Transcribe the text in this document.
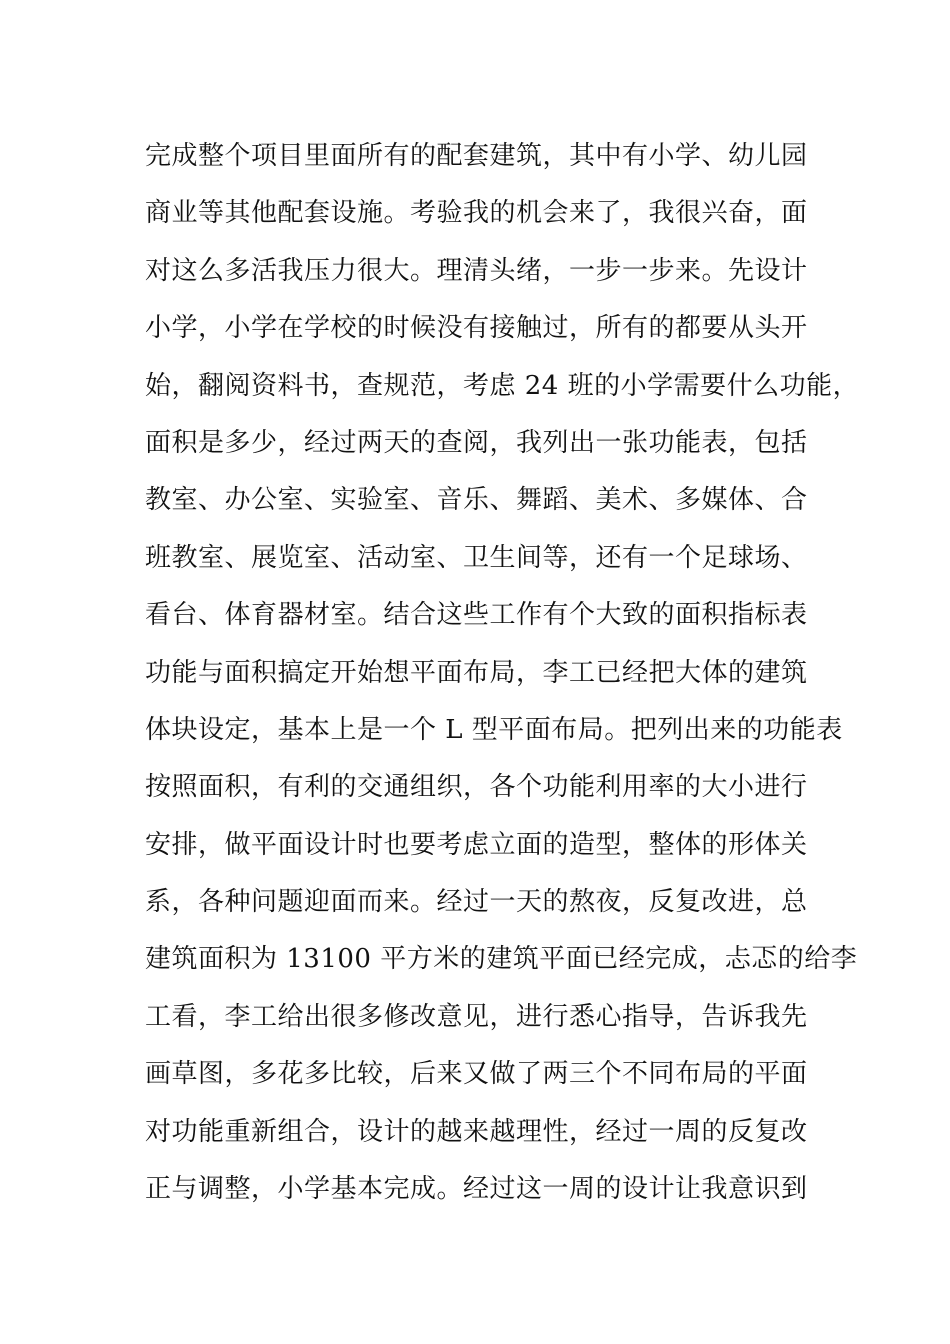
完成整个项目里面所有的配套建筑，其中有小学、幼儿园
商业等其他配套设施。考验我的机会来了，我很兴奋，面
对这么多活我压力很大。理清头绪，一步一步来。先设计
小学，小学在学校的时候没有接触过，所有的都要从头开
始，翻阅资料书，查规范，考虑 24 班的小学需要什么功能，
面积是多少，经过两天的查阅，我列出一张功能表，包括
教室、办公室、实验室、音乐、舞蹈、美术、多媒体、合
班教室、展览室、活动室、卫生间等，还有一个足球场、
看台、体育器材室。结合这些工作有个大致的面积指标表
功能与面积搞定开始想平面布局，李工已经把大体的建筑
体块设定，基本上是一个 L 型平面布局。把列出来的功能表
按照面积，有利的交通组织，各个功能利用率的大小进行
安排，做平面设计时也要考虑立面的造型，整体的形体关
系，各种问题迎面而来。经过一天的熬夜，反复改进，总
建筑面积为 13100 平方米的建筑平面已经完成，忐忑的给李
工看，李工给出很多修改意见，进行悉心指导，告诉我先
画草图，多花多比较，后来又做了两三个不同布局的平面
对功能重新组合，设计的越来越理性，经过一周的反复改
正与调整，小学基本完成。经过这一周的设计让我意识到
